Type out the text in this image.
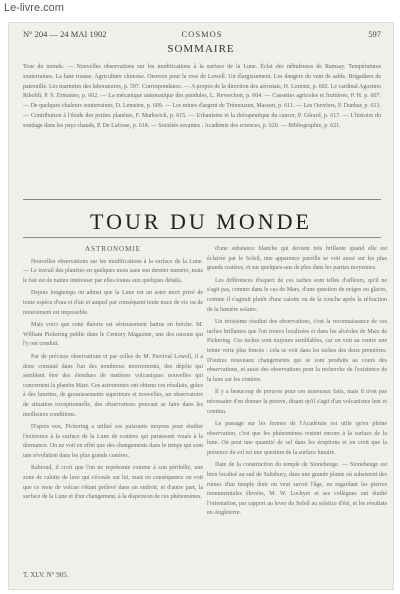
Le-livre.com
N° 204 — 24 MAI 1902	COSMOS	597
SOMMAIRE
Tour du monde. — Nouvelles observations sur les modifications à la surface de la Lune. Éclat des nébuleuses de Ramsay. Températures souterraines. La lune rousse. Agriculture chinoise. Oeuvres pour la rose de Lowell. Un élargissement. Les dangers du vent de sable. Brigadiers de patrouille. Les marmites des laboratoires, p. 597. Correspondance. — A propos de la direction des aérostats, H. Lorentz, p. 602. Le cardinal Agostino Riboldi, P. S. Ermanno, p. 602. — La mécanique automatique des pendules, L. Reverchon, p. 604. — Cassettes agricoles et fruitières, P. H. p. 607. — De quelques chaleurs souterraines, D. Lemsten, p. 609. — Les mines d'argent de Trémouzen, Masson, p. 611. — Les Ouvriers, P. Dunbar, p. 613. — Contribution à l'étude des petites planètes, F. Markwick, p. 615. — Urbanisme et la thérapeutique du cancer, P. Gérard, p. 617. — L'histoire du sondage dans les pays chauds, P. De Lafosse, p. 618. — Sociétés savantes : Académie des sciences, p. 620. — Bibliographie, p. 621.
TOUR DU MONDE
ASTRONOMIE

Nouvelles observations sur les modifications à la surface de la Lune. — Le travail des planètes en quelques mots sans son dernier numéro, mais le fait est de nature intéresser par elles toutes aux quelques détails.

Depuis longtemps on admet que la Lune est un astre mort privé de toute espèce d'eau et d'air et auquel par conséquent toute trace de vie ou de mouvement est impossible.

Mais voici que cette théorie est sérieusement battue en brèche. M. William Pickering publie dans le Century Magazine, une des raisons qui l'y ont conduit.

Par de précises observations et par celles de M. Percival Lowell, il a donc constaté dans l'un des nombreux mouvements, des dépôts qui semblent être des étendues de matières volcaniques nouvelles qui concernent la planète Mars. Ces astronomes ont obtenu ces résultats, grâce à des lunettes, de grossissements supérieurs et nouvelles, un observatoire de situation exceptionnelle, des observations pouvant se faire dans les meilleures conditions.

D'après eux, Pickering a utilisé ses puissants moyens pour étudier l'existence à la surface de la Lune de cratères qui paraissent voués à la dormance. On ne voit en effet que des changements dans le temps qui sont une révolution dans les plus grands cratères.

Rabiond, il croit que l'on ne représente comme à son périhélie, une zone de calotte de lave qui s'écoule sur lui, mais en conséquence on voit que ce reste de volcan s'étant prélevé dans un endroit, et d'autre part, la surface de la Lune et d'un changement, à la dispersion de ces phénomènes.

d'une substance blanche qui devient très brillante quand elle est éclairée par le Soleil, une apparence pareille se voit aussi sur les plus grands cratères, et sur quelques-uns de plus dans les parties moyennes.

Les différences d'aspect de ces taches sont telles d'ailleurs, qu'il ne s'agit pas, comme dans le cas de Mars, d'une question de neiges ou glaces, comme il s'agirait plutôt d'une calotte ou de la couche après la réfraction de la lumière solaire.

Un troisième résultat des observations, c'est la reconnaissance de ces taches brillantes que l'on trouve localisées et dans les alvéoles de Mars de Pickering. Ces taches sont toujours semblables, car on voit au centre une teinte verte plus foncée : cela se voit dans les taches des deux premières. D'autres nouveaux changements qui se sont produits au cours des observations, et aussi des observations pour la recherche de l'existence de la lune sur les cratères.

Il y a beaucoup de preuves pour ces nouveaux faits, mais il n'est pas nécessaire d'en donner la preuve, disant qu'il s'agit d'un volcanisme lent et continu.

Le passage sur les formes de l'Académie est utile qu'en pleine observation, c'est que les phénomènes restent encore à la surface de la lune. On peut une quantité de sel dans les éruptions et on croit que la présence du sol est une question de la surface lunaire.

Date de la construction du temple de Stonehenge. — Stonehenge est bien localisé au sud de Salisbury, dans une grande plaine où subsistent des ruines d'un temple dont on veut savoir l'âge, en regardant les pierres monumentales élevées, M. W. Lockyer et ses collègues ont étudié l'orientation, par rapport au lever du Soleil au solstice d'été, et les résultats en Angleterre.

T. XLV. N° 905.
